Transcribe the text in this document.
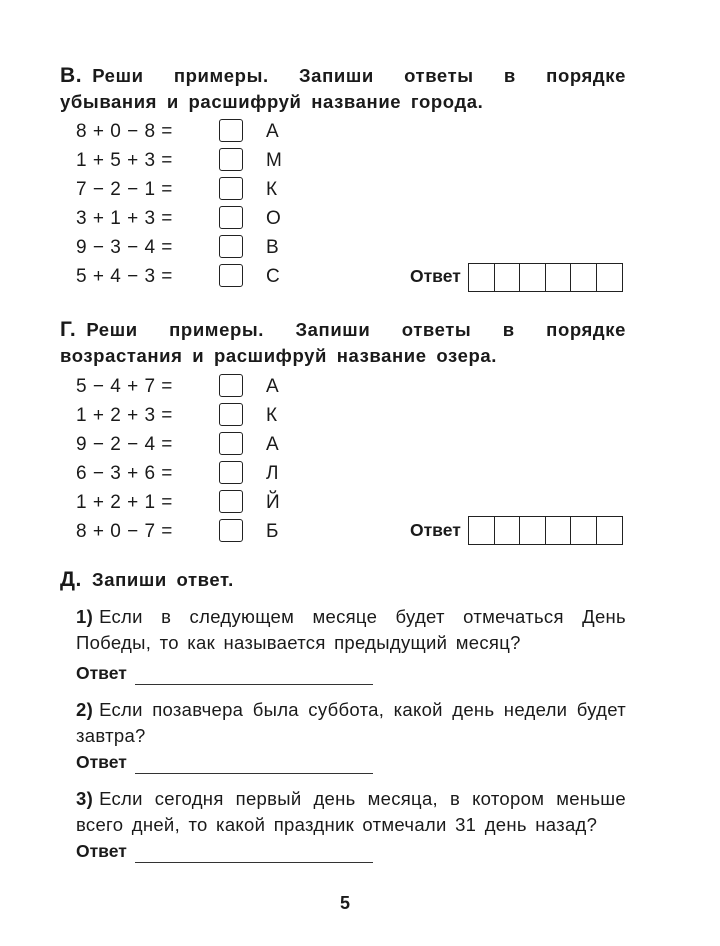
В. Реши примеры. Запиши ответы в порядке убывания и расшифруй название города.
8 + 0 − 8 =	А
1 + 5 + 3 =	М
7 − 2 − 1 =	К
3 + 1 + 3 =	О
9 − 3 − 4 =	В
5 + 4 − 3 =	С	Ответ
Г. Реши примеры. Запиши ответы в порядке возрастания и расшифруй название озера.
5 − 4 + 7 =	А
1 + 2 + 3 =	К
9 − 2 − 4 =	А
6 − 3 + 6 =	Л
1 + 2 + 1 =	Й
8 + 0 − 7 =	Б	Ответ
Д. Запиши ответ.
1) Если в следующем месяце будет отмечаться День Победы, то как называется предыдущий месяц?
Ответ
2) Если позавчера была суббота, какой день недели будет завтра?
Ответ
3) Если сегодня первый день месяца, в котором меньше всего дней, то какой праздник отмечали 31 день назад?
Ответ
5
